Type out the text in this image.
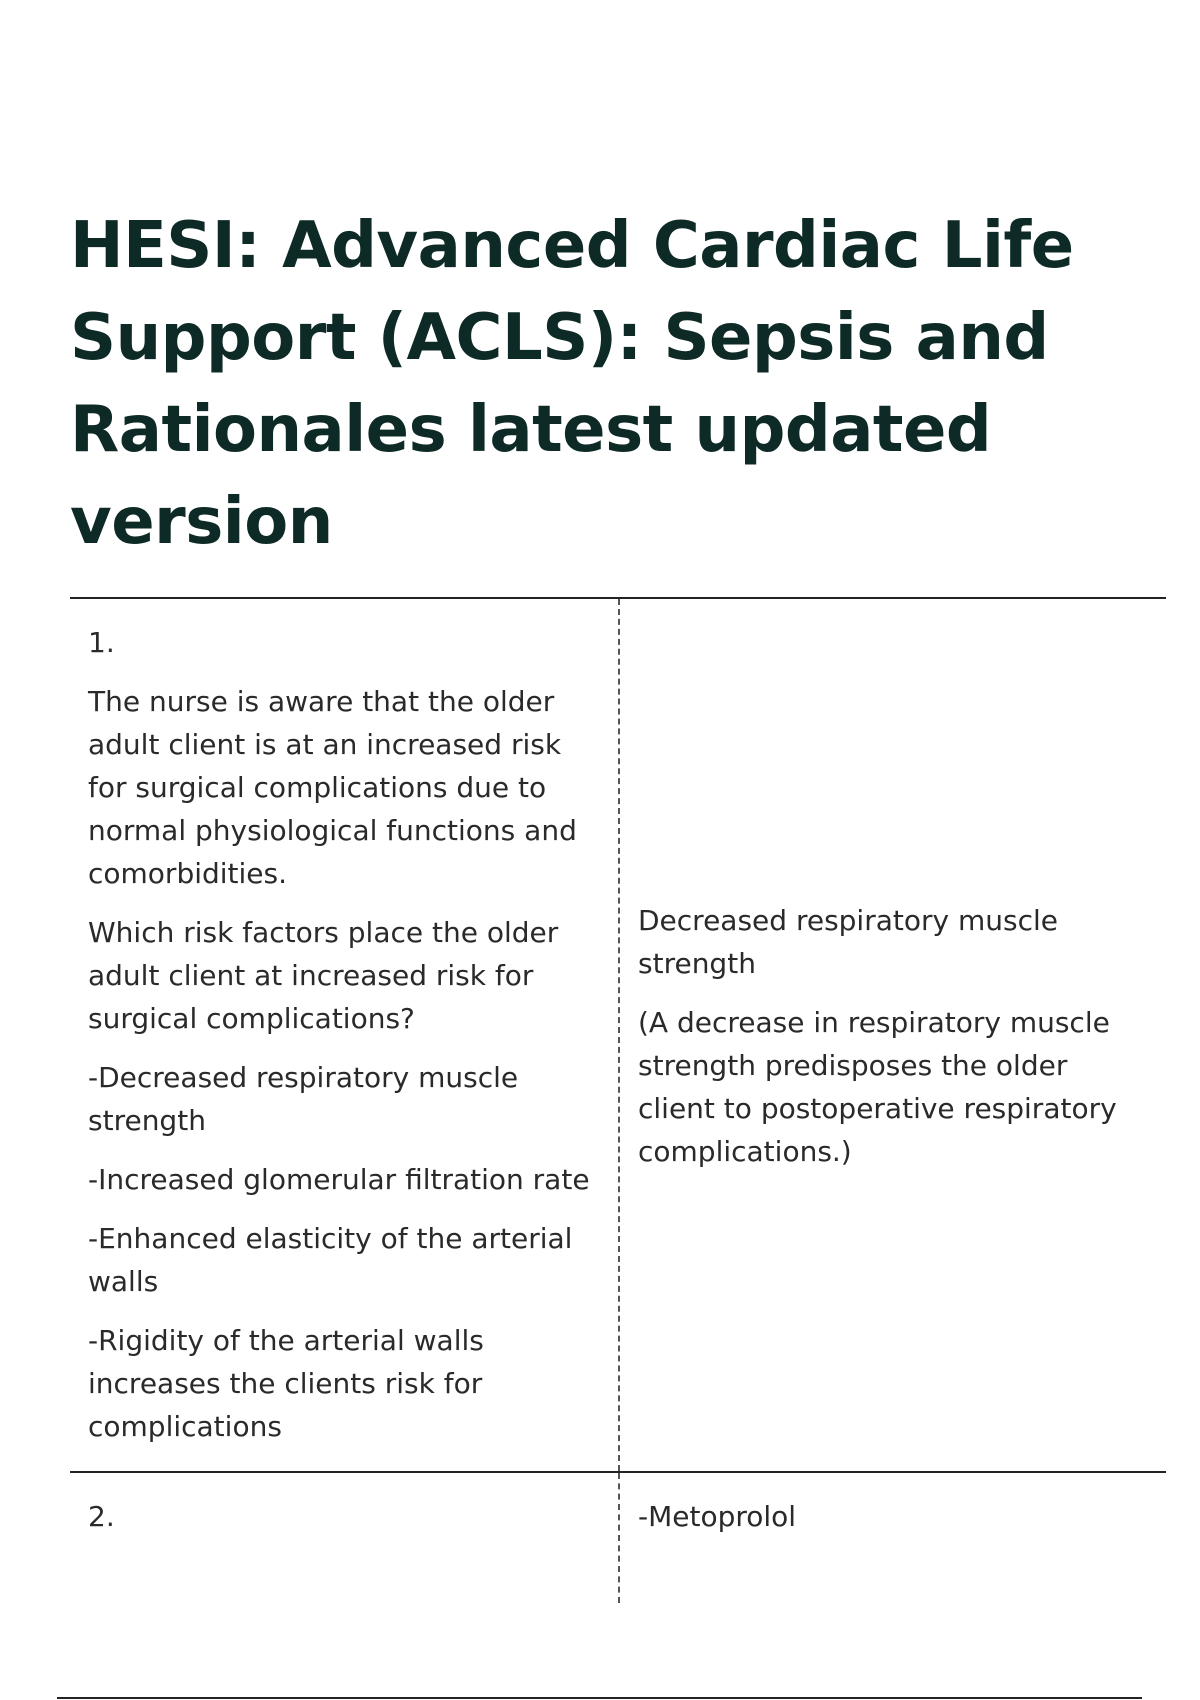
HESI: Advanced Cardiac Life Support (ACLS): Sepsis and Rationales latest updated version

1.

The nurse is aware that the older adult client is at an increased risk for surgical complications due to normal physiological functions and comorbidities.

Which risk factors place the older adult client at increased risk for surgical complications?

-Decreased respiratory muscle strength

-Increased glomerular filtration rate

-Enhanced elasticity of the arterial walls

-Rigidity of the arterial walls increases the clients risk for complications

Decreased respiratory muscle strength

(A decrease in respiratory muscle strength predisposes the older client to postoperative respiratory complications.)

2.	-Metoprolol
